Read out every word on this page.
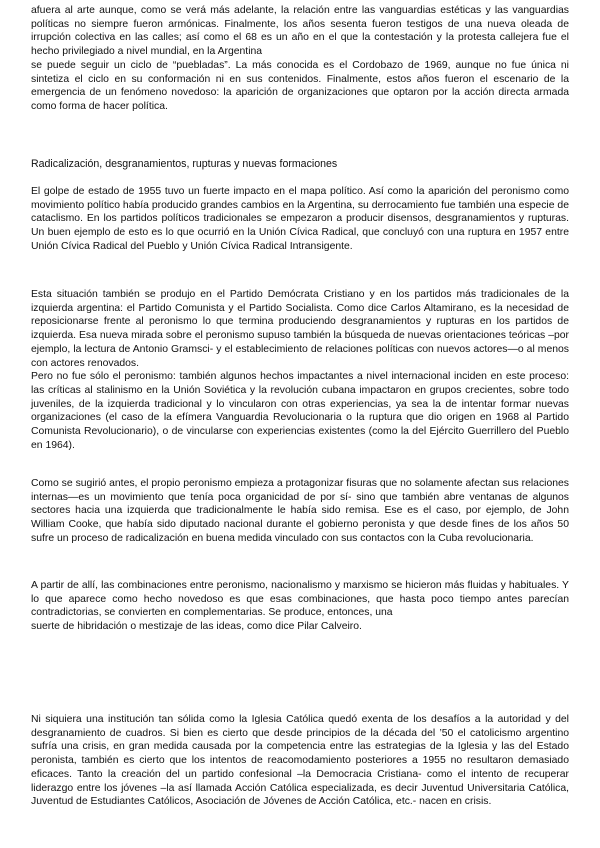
afuera al arte aunque, como se verá más adelante, la relación entre las vanguardias estéticas y las vanguardias políticas no siempre fueron armónicas. Finalmente, los años sesenta fueron testigos de una nueva oleada de irrupción colectiva en las calles; así como el 68 es un año en el que la contestación y la protesta callejera fue el hecho privilegiado a nivel mundial, en la Argentina
se puede seguir un ciclo de “puebladas”. La más conocida es el Cordobazo de 1969, aunque no fue única ni sintetiza el ciclo en su conformación ni en sus contenidos. Finalmente, estos años fueron el escenario de la emergencia de un fenómeno novedoso: la aparición de organizaciones que optaron por la acción directa armada como forma de hacer política.

Radicalización, desgranamientos, rupturas y nuevas formaciones

El golpe de estado de 1955 tuvo un fuerte impacto en el mapa político. Así como la aparición del peronismo como movimiento político había producido grandes cambios en la Argentina, su derrocamiento fue también una especie de cataclismo. En los partidos políticos tradicionales se empezaron a producir disensos, desgranamientos y rupturas. Un buen ejemplo de esto es lo que ocurrió en la Unión Cívica Radical, que concluyó con una ruptura en 1957 entre Unión Cívica Radical del Pueblo y Unión Cívica Radical Intransigente.

Esta situación también se produjo en el Partido Demócrata Cristiano y en los partidos más tradicionales de la izquierda argentina: el Partido Comunista y el Partido Socialista. Como dice Carlos Altamirano, es la necesidad de reposicionarse frente al peronismo lo que termina produciendo desgranamientos y rupturas en los partidos de izquierda. Esa nueva mirada sobre el peronismo supuso también la búsqueda de nuevas orientaciones teóricas –por ejemplo, la lectura de Antonio Gramsci- y el establecimiento de relaciones políticas con nuevos actores—o al menos con actores renovados.
Pero no fue sólo el peronismo: también algunos hechos impactantes a nivel internacional inciden en este proceso: las críticas al stalinismo en la Unión Soviética y la revolución cubana impactaron en grupos crecientes, sobre todo juveniles, de la izquierda tradicional y lo vincularon con otras experiencias, ya sea la de intentar formar nuevas organizaciones (el caso de la efímera Vanguardia Revolucionaria o la ruptura que dio origen en 1968 al Partido Comunista Revolucionario), o de vincularse con experiencias existentes (como la del Ejército Guerrillero del Pueblo en 1964).

Como se sugirió antes, el propio peronismo empieza a protagonizar fisuras que no solamente afectan sus relaciones internas—es un movimiento que tenía poca organicidad de por sí- sino que también abre ventanas de algunos sectores hacia una izquierda que tradicionalmente le había sido remisa. Ese es el caso, por ejemplo, de John William Cooke, que había sido diputado nacional durante el gobierno peronista y que desde fines de los años 50 sufre un proceso de radicalización en buena medida vinculado con sus contactos con la Cuba revolucionaria.

A partir de allí, las combinaciones entre peronismo, nacionalismo y marxismo se hicieron más fluidas y habituales. Y lo que aparece como hecho novedoso es que esas combinaciones, que hasta poco tiempo antes parecían contradictorias, se convierten en complementarias. Se produce, entonces, una
suerte de hibridación o mestizaje de las ideas, como dice Pilar Calveiro.

Ni siquiera una institución tan sólida como la Iglesia Católica quedó exenta de los desafíos a la autoridad y del desgranamiento de cuadros. Si bien es cierto que desde principios de la década del ’50 el catolicismo argentino sufría una crisis, en gran medida causada por la competencia entre las estrategias de la Iglesia y las del Estado peronista, también es cierto que los intentos de reacomodamiento posteriores a 1955 no resultaron demasiado eficaces. Tanto la creación del un partido confesional –la Democracia Cristiana- como el intento de recuperar liderazgo entre los jóvenes –la así llamada Acción Católica especializada, es decir Juventud Universitaria Católica, Juventud de Estudiantes Católicos, Asociación de Jóvenes de Acción Católica, etc.- nacen en crisis.
